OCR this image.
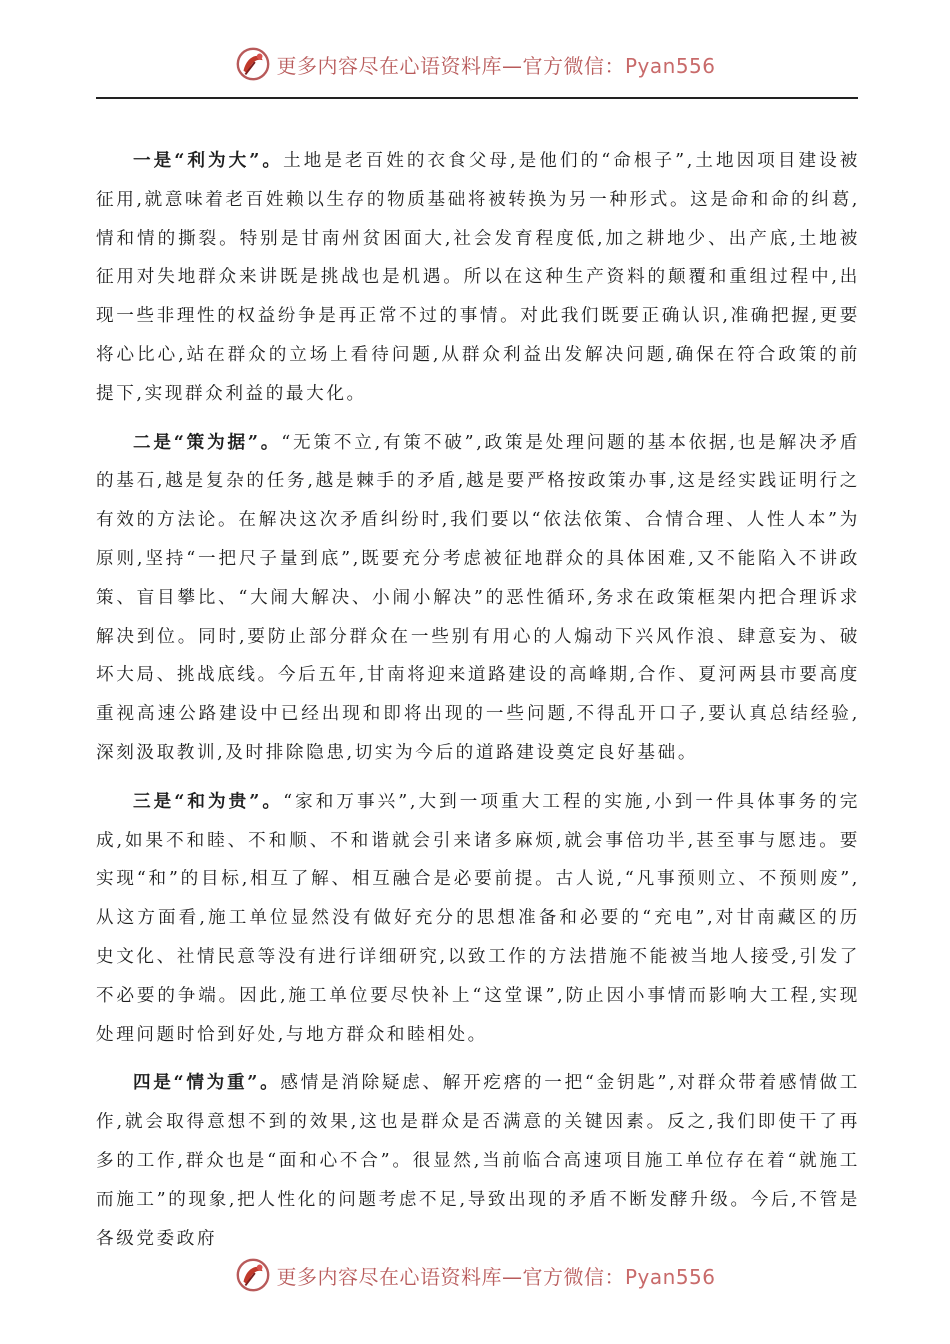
更多内容尽在心语资料库—官方微信：Pyan556

一是“利为大”。土地是老百姓的衣食父母,是他们的“命根子”,土地因项目建设被征用,就意味着老百姓赖以生存的物质基础将被转换为另一种形式。这是命和命的纠葛,情和情的撕裂。特别是甘南州贫困面大,社会发育程度低,加之耕地少、出产底,土地被征用对失地群众来讲既是挑战也是机遇。所以在这种生产资料的颠覆和重组过程中,出现一些非理性的权益纷争是再正常不过的事情。对此我们既要正确认识,准确把握,更要将心比心,站在群众的立场上看待问题,从群众利益出发解决问题,确保在符合政策的前提下,实现群众利益的最大化。

二是“策为据”。“无策不立,有策不破”,政策是处理问题的基本依据,也是解决矛盾的基石,越是复杂的任务,越是棘手的矛盾,越是要严格按政策办事,这是经实践证明行之有效的方法论。在解决这次矛盾纠纷时,我们要以“依法依策、合情合理、人性人本”为原则,坚持“一把尺子量到底”,既要充分考虑被征地群众的具体困难,又不能陷入不讲政策、盲目攀比、“大闹大解决、小闹小解决”的恶性循环,务求在政策框架内把合理诉求解决到位。同时,要防止部分群众在一些别有用心的人煽动下兴风作浪、肆意妄为、破坏大局、挑战底线。今后五年,甘南将迎来道路建设的高峰期,合作、夏河两县市要高度重视高速公路建设中已经出现和即将出现的一些问题,不得乱开口子,要认真总结经验,深刻汲取教训,及时排除隐患,切实为今后的道路建设奠定良好基础。

三是“和为贵”。“家和万事兴”,大到一项重大工程的实施,小到一件具体事务的完成,如果不和睦、不和顺、不和谐就会引来诸多麻烦,就会事倍功半,甚至事与愿违。要实现“和”的目标,相互了解、相互融合是必要前提。古人说,“凡事预则立、不预则废”,从这方面看,施工单位显然没有做好充分的思想准备和必要的“充电”,对甘南藏区的历史文化、社情民意等没有进行详细研究,以致工作的方法措施不能被当地人接受,引发了不必要的争端。因此,施工单位要尽快补上“这堂课”,防止因小事情而影响大工程,实现处理问题时恰到好处,与地方群众和睦相处。

四是“情为重”。感情是消除疑虑、解开疙瘩的一把“金钥匙”,对群众带着感情做工作,就会取得意想不到的效果,这也是群众是否满意的关键因素。反之,我们即使干了再多的工作,群众也是“面和心不合”。很显然,当前临合高速项目施工单位存在着“就施工而施工”的现象,把人性化的问题考虑不足,导致出现的矛盾不断发酵升级。今后,不管是各级党委政府

更多内容尽在心语资料库—官方微信：Pyan556
